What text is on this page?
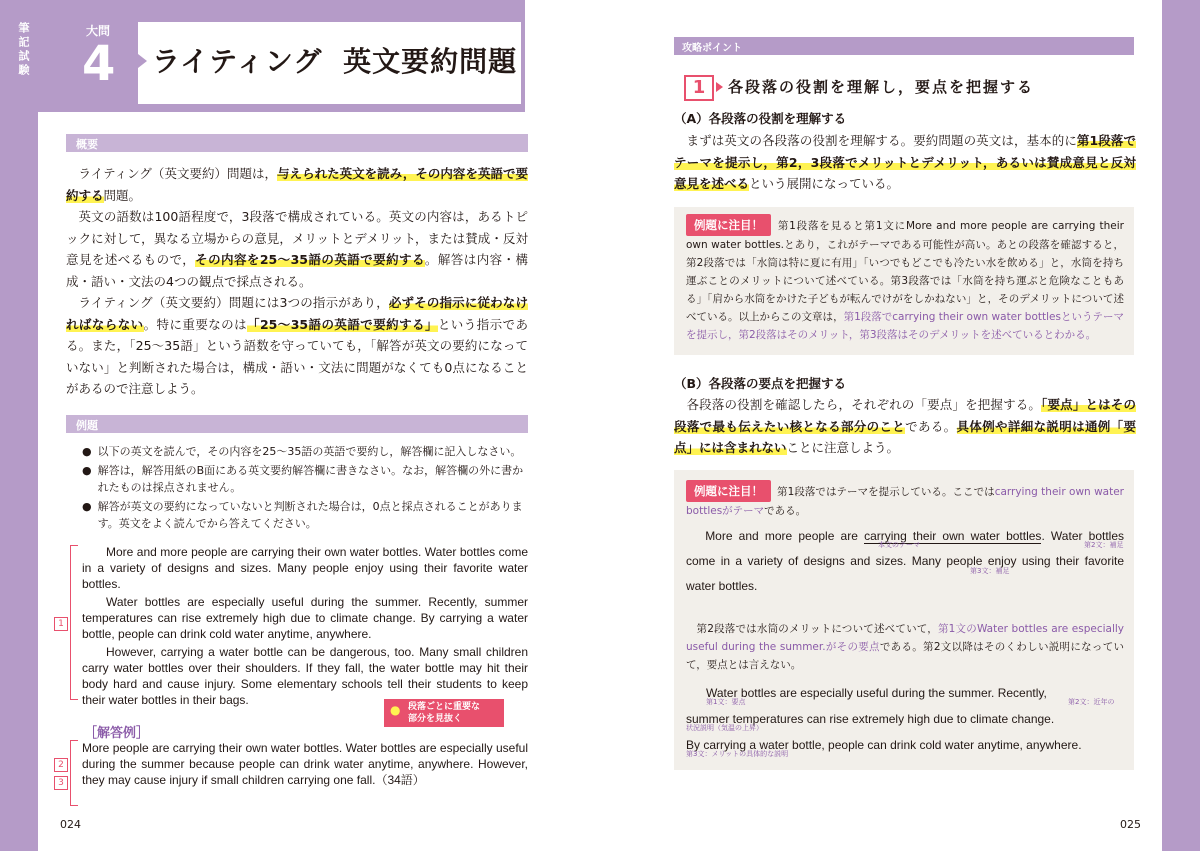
筆記試験	大問
4 ライティング 英文要約問題
概要

ライティング（英文要約）問題は，与えられた英文を読み，その内容を英語で要約する問題。

英文の語数は100語程度で，3段落で構成されている。英文の内容は，あるトピックに対して，異なる立場からの意見，メリットとデメリット，または賛成・反対意見を述べるもので，その内容を25〜35語の英語で要約する。解答は内容・構成・語い・文法の4つの観点で採点される。

ライティング（英文要約）問題には3つの指示があり，必ずその指示に従わなければならない。特に重要なのは「25〜35語の英語で要約する」という指示である。また，「25〜35語」という語数を守っていても，「解答が英文の要約になっていない」と判断された場合は，構成・語い・文法に問題がなくても0点になることがあるので注意しよう。

例題
● 以下の英文を読んで，その内容を25〜35語の英語で要約し，解答欄に記入しなさい。
● 解答は，解答用紙のB面にある英文要約解答欄に書きなさい。なお，解答欄の外に書かれたものは採点されません。
● 解答が英文の要約になっていないと判断された場合は，0点と採点されることがあります。英文をよく読んでから答えてください。
1

More and more people are carrying their own water bottles. Water bottles come in a variety of designs and sizes. Many people enjoy using their favorite water bottles.

Water bottles are especially useful during the summer. Recently, summer temperatures can rise extremely high due to climate change. By carrying a water bottle, people can drink cold water anytime, anywhere.

However, carrying a water bottle can be dangerous, too. Many small children carry water bottles over their shoulders. If they fall, the water bottle may hit their body hard and cause injury. Some elementary schools tell their students to keep their water bottles in their bags.

● 段落ごとに重要な
部分を見抜く
［解答例］
2
3
More people are carrying their own water bottles. Water bottles are especially useful during the summer because people can drink water anytime, anywhere. However, they may cause injury if small children carrying one fall.（34語）
024
攻略ポイント
1	各段落の役割を理解し，要点を把握する
（A）各段落の役割を理解する
まずは英文の各段落の役割を理解する。要約問題の英文は，基本的に第1段落でテーマを提示し，第2，3段落でメリットとデメリット，あるいは賛成意見と反対意見を述べるという展開になっている。
例題に注目！ 第1段落を見ると第1文にMore and more people are carrying their own water bottles.とあり，これがテーマである可能性が高い。あとの段落を確認すると，第2段落では「水筒は特に夏に有用」「いつでもどこでも冷たい水を飲める」と，水筒を持ち運ぶことのメリットについて述べている。第3段落では「水筒を持ち運ぶと危険なこともある」「肩から水筒をかけた子どもが転んでけがをしかねない」と，そのデメリットについて述べている。以上からこの文章は，第1段落でcarrying their own water bottlesというテーマを提示し，第2段落はそのメリット，第3段落はそのデメリットを述べているとわかる。
（B）各段落の要点を把握する
各段落の役割を確認したら，それぞれの「要点」を把握する。「要点」とはその段落で最も伝えたい核となる部分のことである。具体例や詳細な説明は通例「要点」には含まれないことに注意しよう。
例題に注目！ 第1段落ではテーマを提示している。ここではcarrying their own water bottlesがテーマである。
More and more people are carrying their own water bottles. Water bottles come in a variety of designs and sizes. Many people enjoy using their favorite water bottles.
本文のテーマ	第2文：補足
第3文：補足
第2段落では水筒のメリットについて述べていて，第1文のWater bottles are especially useful during the summer.がその要点である。第2文以降はそのくわしい説明になっていて，要点とは言えない。
Water bottles are especially useful during the summer. Recently,
summer temperatures can rise extremely high due to climate change.
By carrying a water bottle, people can drink cold water anytime, anywhere.
第1文：要点	第2文：近年の
状況説明（気温の上昇）
第3文：メリットの具体的な説明
025
